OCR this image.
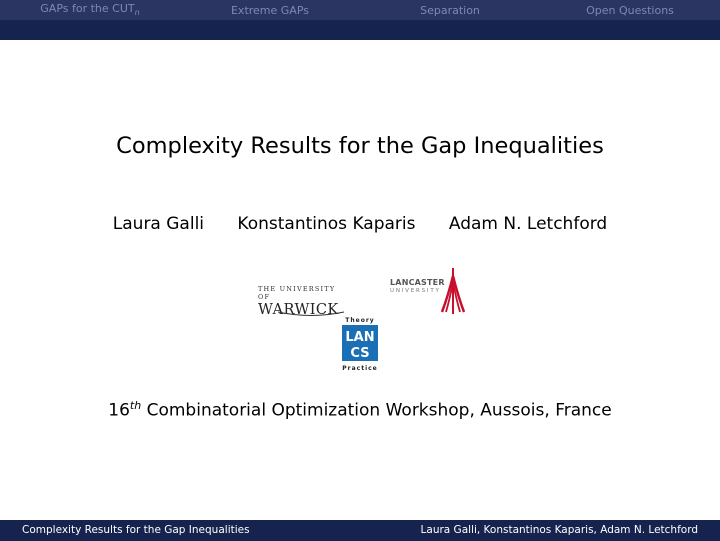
GAPs for the $CUT_n$	Extreme GAPs	Separation	Open Questions
Complexity Results for the Gap Inequalities
Laura Galli Konstantinos Kaparis Adam N. Letchford
THE UNIVERSITY OF
WARWICK
LANCASTER
UNIVERSITY
Theory
LAN
CS
Practice
16th Combinatorial Optimization Workshop, Aussois, France
Complexity Results for the Gap Inequalities	Laura Galli, Konstantinos Kaparis, Adam N. Letchford
